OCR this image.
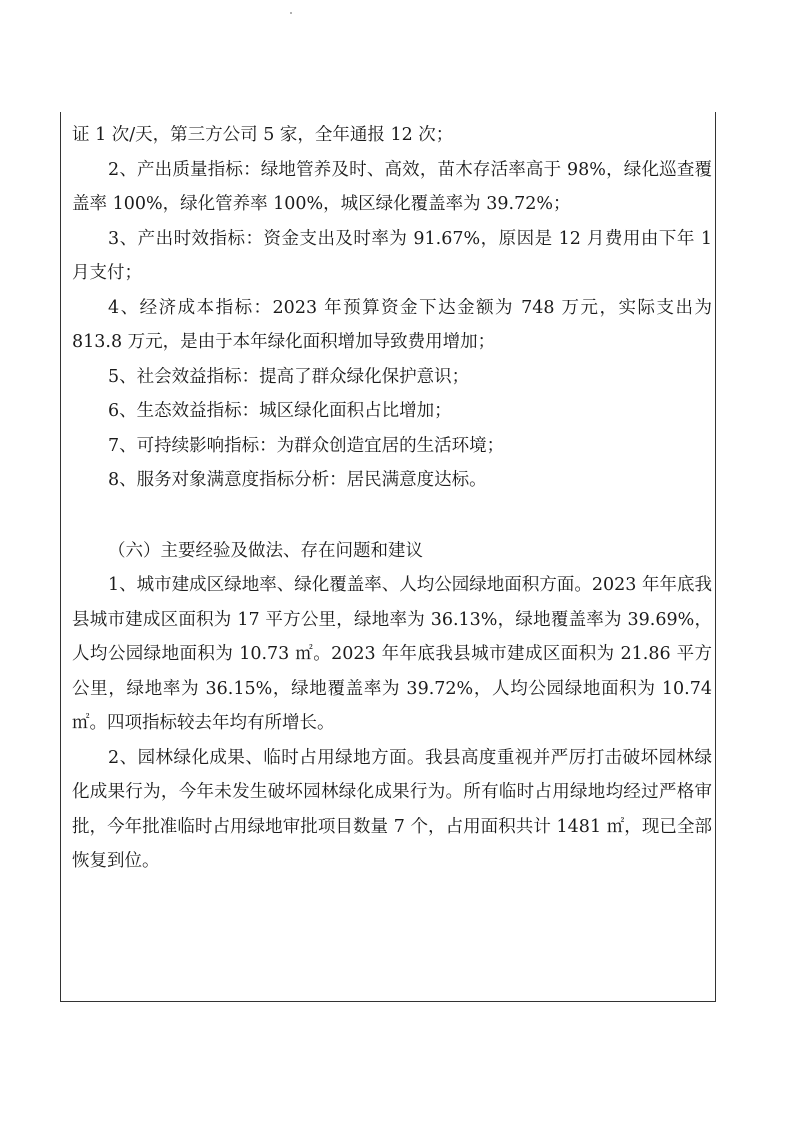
证 1 次/天，第三方公司 5 家，全年通报 12 次；

2、产出质量指标：绿地管养及时、高效，苗木存活率高于 98%，绿化巡查覆盖率 100%，绿化管养率 100%，城区绿化覆盖率为 39.72%；

3、产出时效指标：资金支出及时率为 91.67%，原因是 12 月费用由下年 1 月支付；

4、经济成本指标：2023 年预算资金下达金额为 748 万元，实际支出为 813.8 万元，是由于本年绿化面积增加导致费用增加；

5、社会效益指标：提高了群众绿化保护意识；

6、生态效益指标：城区绿化面积占比增加；

7、可持续影响指标：为群众创造宜居的生活环境；

8、服务对象满意度指标分析：居民满意度达标。

（六）主要经验及做法、存在问题和建议

1、城市建成区绿地率、绿化覆盖率、人均公园绿地面积方面。2023 年年底我县城市建成区面积为 17 平方公里，绿地率为 36.13%，绿地覆盖率为 39.69%，人均公园绿地面积为 10.73 ㎡。2023 年年底我县城市建成区面积为 21.86 平方公里，绿地率为 36.15%，绿地覆盖率为 39.72%，人均公园绿地面积为 10.74 ㎡。四项指标较去年均有所增长。

2、园林绿化成果、临时占用绿地方面。我县高度重视并严厉打击破坏园林绿化成果行为，今年未发生破坏园林绿化成果行为。所有临时占用绿地均经过严格审批，今年批准临时占用绿地审批项目数量 7 个，占用面积共计 1481 ㎡，现已全部恢复到位。
